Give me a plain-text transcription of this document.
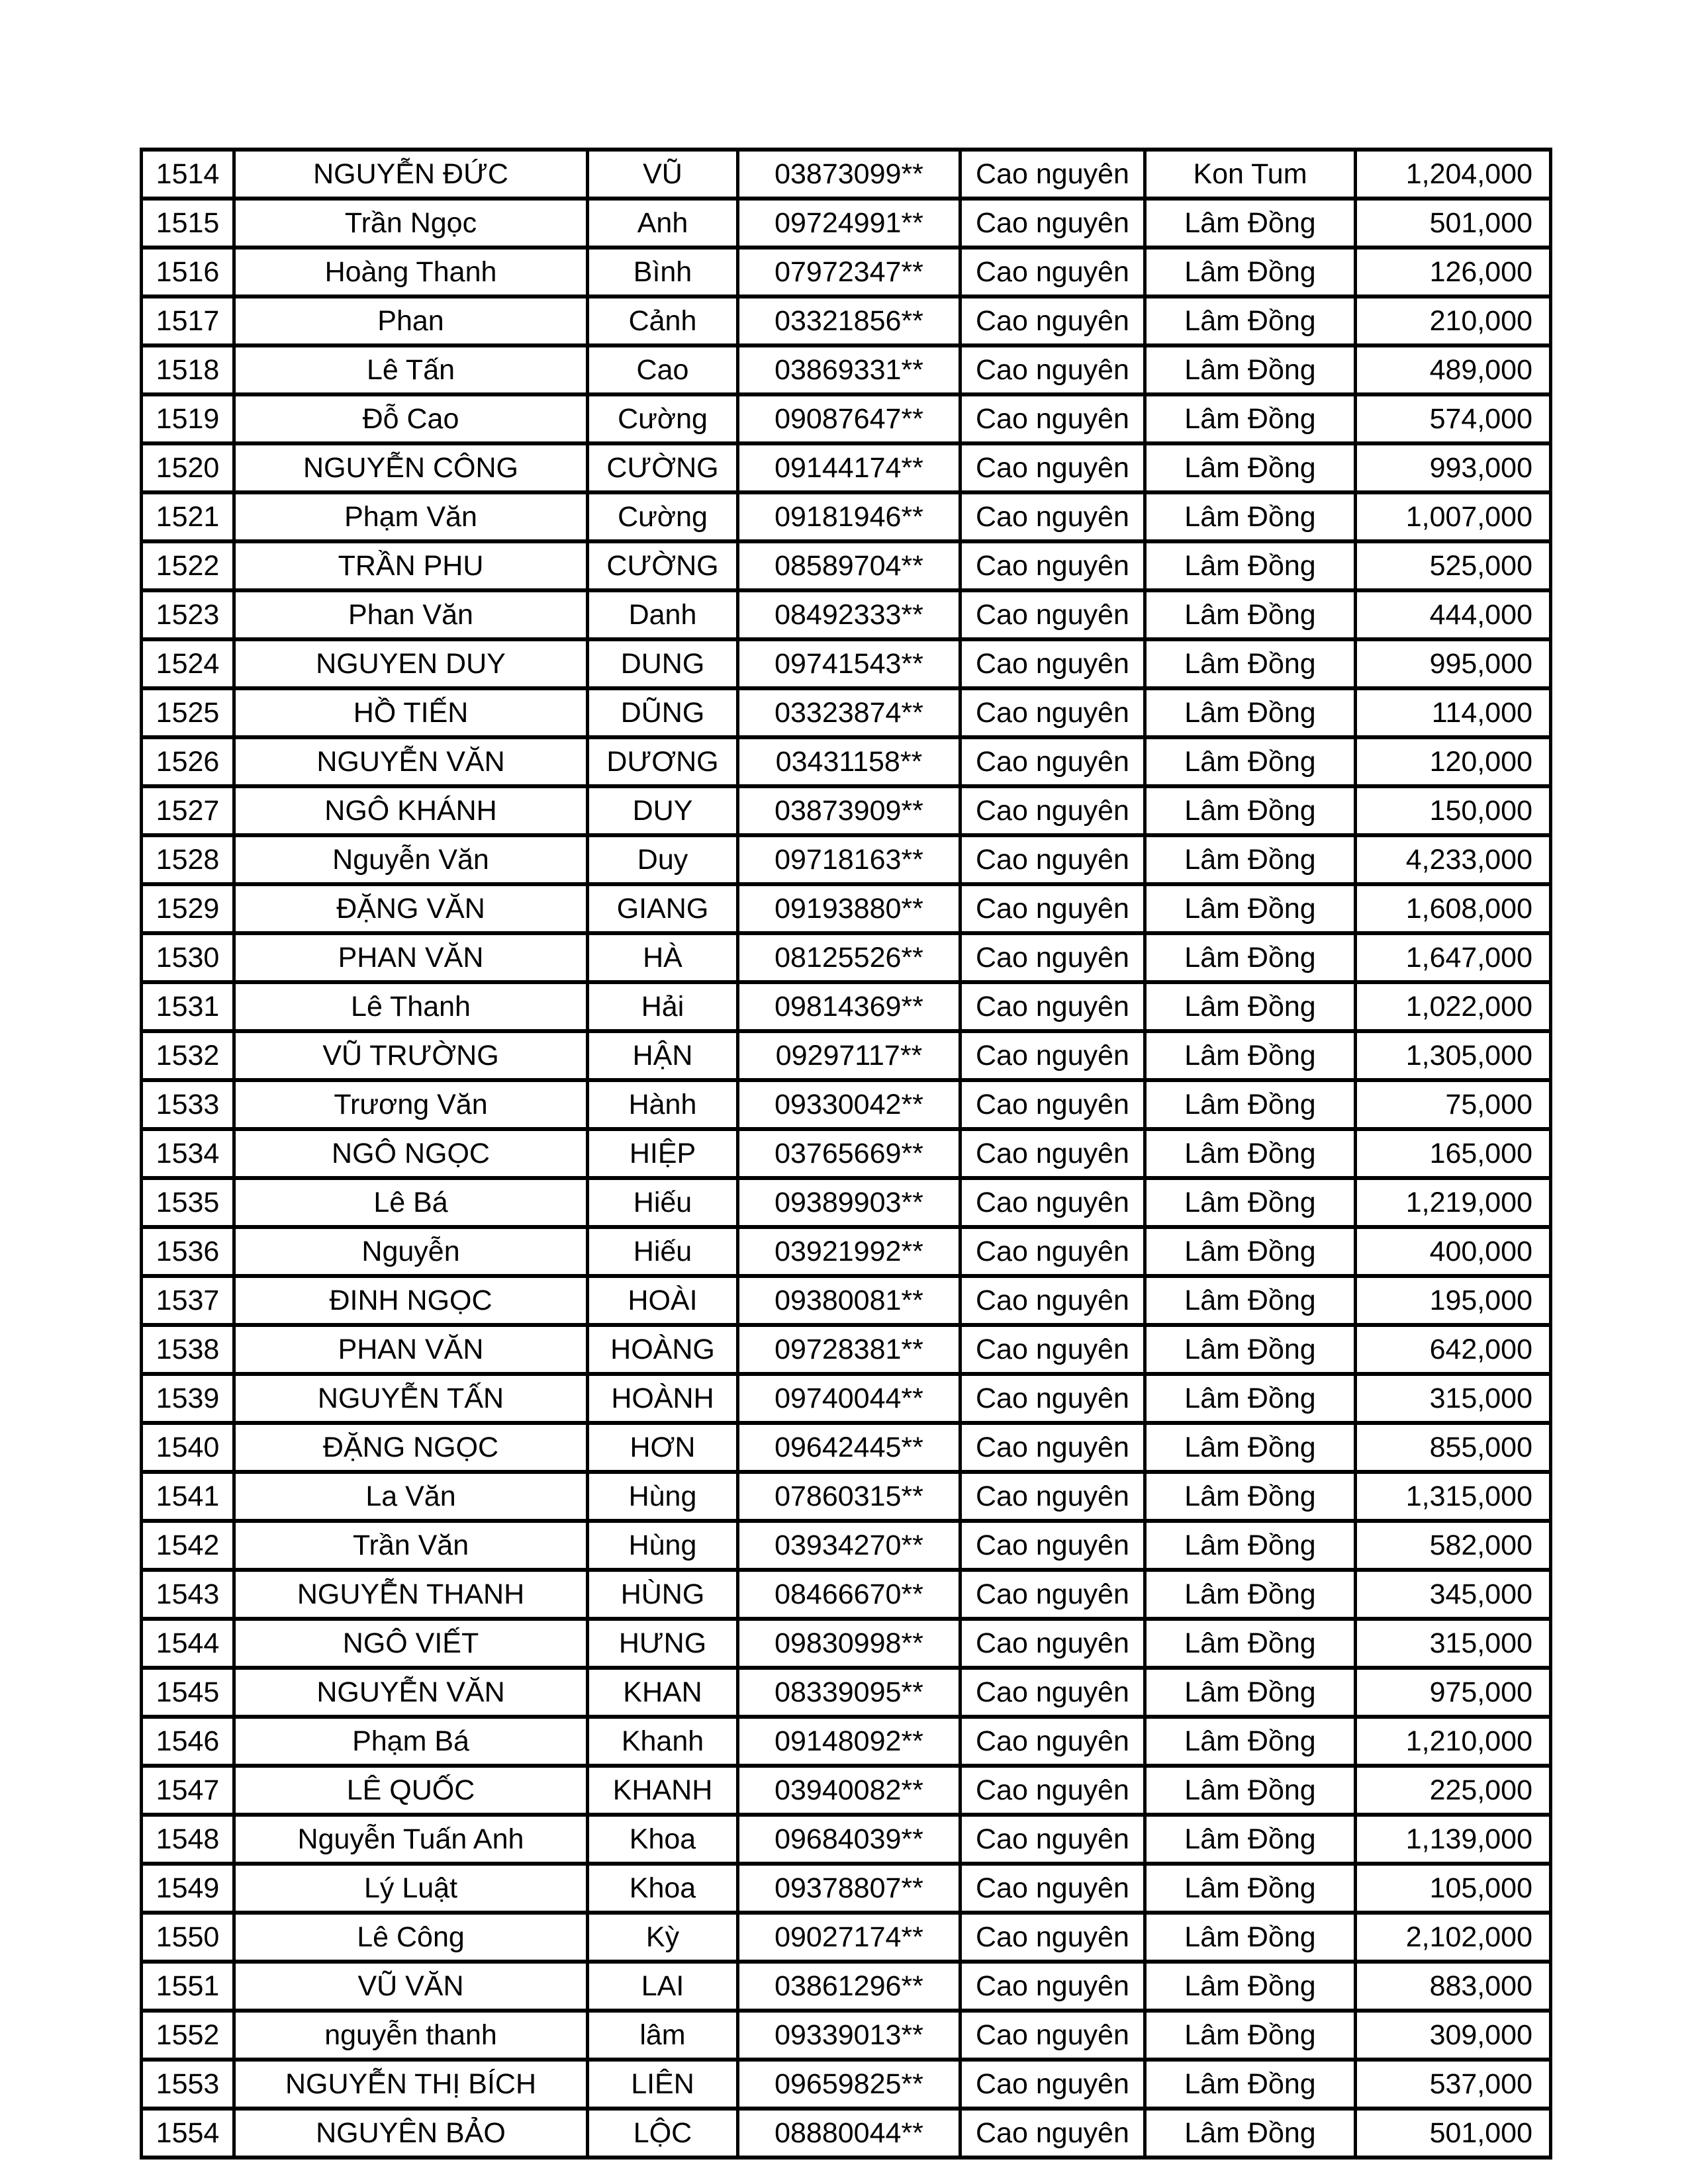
1514	NGUYỄN ĐỨC	VŨ	03873099**	Cao nguyên	Kon Tum	1,204,000
1515	Trần Ngọc	Anh	09724991**	Cao nguyên	Lâm Đồng	501,000
1516	Hoàng Thanh	Bình	07972347**	Cao nguyên	Lâm Đồng	126,000
1517	Phan	Cảnh	03321856**	Cao nguyên	Lâm Đồng	210,000
1518	Lê Tấn	Cao	03869331**	Cao nguyên	Lâm Đồng	489,000
1519	Đỗ Cao	Cường	09087647**	Cao nguyên	Lâm Đồng	574,000
1520	NGUYỄN CÔNG	CƯỜNG	09144174**	Cao nguyên	Lâm Đồng	993,000
1521	Phạm Văn	Cường	09181946**	Cao nguyên	Lâm Đồng	1,007,000
1522	TRẦN PHU	CƯỜNG	08589704**	Cao nguyên	Lâm Đồng	525,000
1523	Phan Văn	Danh	08492333**	Cao nguyên	Lâm Đồng	444,000
1524	NGUYEN DUY	DUNG	09741543**	Cao nguyên	Lâm Đồng	995,000
1525	HỒ TIẾN	DŨNG	03323874**	Cao nguyên	Lâm Đồng	114,000
1526	NGUYỄN VĂN	DƯƠNG	03431158**	Cao nguyên	Lâm Đồng	120,000
1527	NGÔ KHÁNH	DUY	03873909**	Cao nguyên	Lâm Đồng	150,000
1528	Nguyễn Văn	Duy	09718163**	Cao nguyên	Lâm Đồng	4,233,000
1529	ĐẶNG VĂN	GIANG	09193880**	Cao nguyên	Lâm Đồng	1,608,000
1530	PHAN VĂN	HÀ	08125526**	Cao nguyên	Lâm Đồng	1,647,000
1531	Lê Thanh	Hải	09814369**	Cao nguyên	Lâm Đồng	1,022,000
1532	VŨ TRƯỜNG	HẬN	09297117**	Cao nguyên	Lâm Đồng	1,305,000
1533	Trương Văn	Hành	09330042**	Cao nguyên	Lâm Đồng	75,000
1534	NGÔ NGỌC	HIỆP	03765669**	Cao nguyên	Lâm Đồng	165,000
1535	Lê Bá	Hiếu	09389903**	Cao nguyên	Lâm Đồng	1,219,000
1536	Nguyễn	Hiếu	03921992**	Cao nguyên	Lâm Đồng	400,000
1537	ĐINH NGỌC	HOÀI	09380081**	Cao nguyên	Lâm Đồng	195,000
1538	PHAN VĂN	HOÀNG	09728381**	Cao nguyên	Lâm Đồng	642,000
1539	NGUYỄN TẤN	HOÀNH	09740044**	Cao nguyên	Lâm Đồng	315,000
1540	ĐẶNG NGỌC	HƠN	09642445**	Cao nguyên	Lâm Đồng	855,000
1541	La Văn	Hùng	07860315**	Cao nguyên	Lâm Đồng	1,315,000
1542	Trần Văn	Hùng	03934270**	Cao nguyên	Lâm Đồng	582,000
1543	NGUYỄN THANH	HÙNG	08466670**	Cao nguyên	Lâm Đồng	345,000
1544	NGÔ VIẾT	HƯNG	09830998**	Cao nguyên	Lâm Đồng	315,000
1545	NGUYỄN VĂN	KHAN	08339095**	Cao nguyên	Lâm Đồng	975,000
1546	Phạm Bá	Khanh	09148092**	Cao nguyên	Lâm Đồng	1,210,000
1547	LÊ QUỐC	KHANH	03940082**	Cao nguyên	Lâm Đồng	225,000
1548	Nguyễn Tuấn Anh	Khoa	09684039**	Cao nguyên	Lâm Đồng	1,139,000
1549	Lý Luật	Khoa	09378807**	Cao nguyên	Lâm Đồng	105,000
1550	Lê Công	Kỳ	09027174**	Cao nguyên	Lâm Đồng	2,102,000
1551	VŨ VĂN	LAI	03861296**	Cao nguyên	Lâm Đồng	883,000
1552	nguyễn thanh	lâm	09339013**	Cao nguyên	Lâm Đồng	309,000
1553	NGUYỄN THỊ BÍCH	LIÊN	09659825**	Cao nguyên	Lâm Đồng	537,000
1554	NGUYÊN BẢO	LỘC	08880044**	Cao nguyên	Lâm Đồng	501,000
